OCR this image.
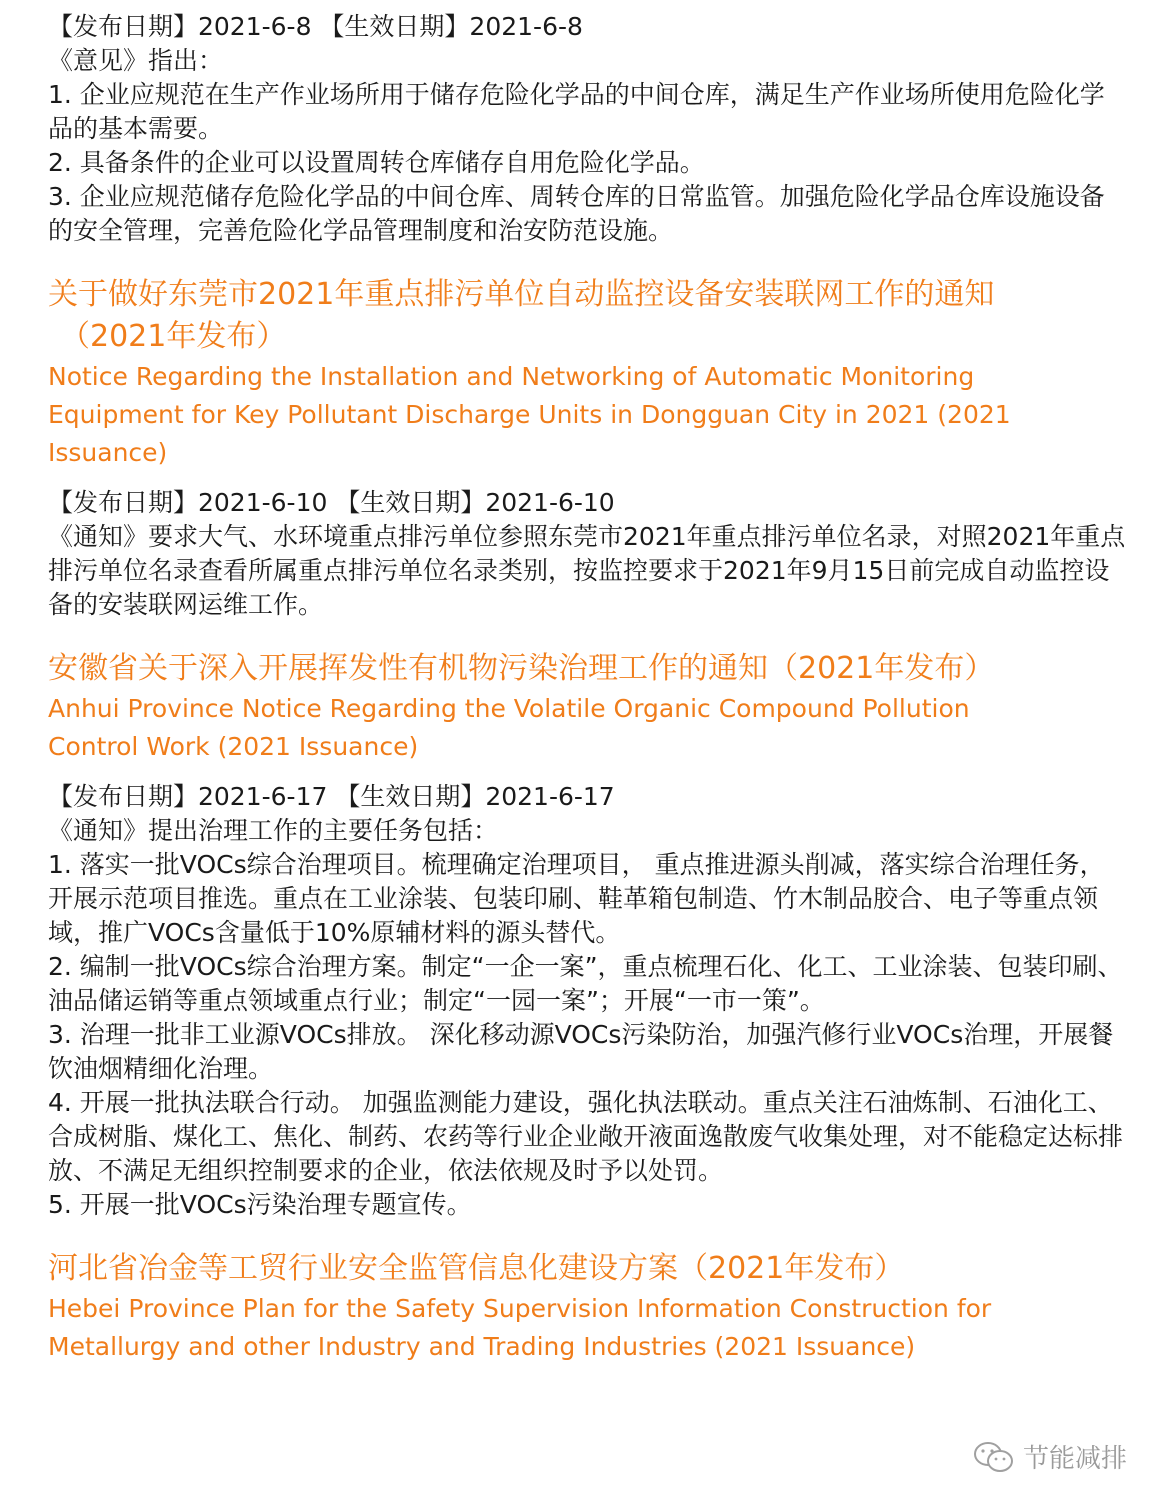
【发布日期】2021-6-8 【生效日期】2021-6-8

《意见》指出：

1. 企业应规范在生产作业场所用于储存危险化学品的中间仓库，满足生产作业场所使用危险化学品的基本需要。

2. 具备条件的企业可以设置周转仓库储存自用危险化学品。

3. 企业应规范储存危险化学品的中间仓库、周转仓库的日常监管。加强危险化学品仓库设施设备的安全管理，完善危险化学品管理制度和治安防范设施。

关于做好东莞市2021年重点排污单位自动监控设备安装联网工作的通知

（2021年发布）

Notice Regarding the Installation and Networking of Automatic Monitoring

Equipment for Key Pollutant Discharge Units in Dongguan City in 2021 (2021

Issuance)

【发布日期】2021-6-10 【生效日期】2021-6-10

《通知》要求大气、水环境重点排污单位参照东莞市2021年重点排污单位名录，对照2021年重点排污单位名录查看所属重点排污单位名录类别，按监控要求于2021年9月15日前完成自动监控设备的安装联网运维工作。

安徽省关于深入开展挥发性有机物污染治理工作的通知（2021年发布）

Anhui Province Notice Regarding the Volatile Organic Compound Pollution

Control Work (2021 Issuance)

【发布日期】2021-6-17 【生效日期】2021-6-17

《通知》提出治理工作的主要任务包括：

1. 落实一批VOCs综合治理项目。梳理确定治理项目， 重点推进源头削减，落实综合治理任务，开展示范项目推选。重点在工业涂装、包装印刷、鞋革箱包制造、竹木制品胶合、电子等重点领域，推广VOCs含量低于10%原辅材料的源头替代。

2. 编制一批VOCs综合治理方案。制定“一企一案”，重点梳理石化、化工、工业涂装、包装印刷、油品储运销等重点领域重点行业；制定“一园一案”；开展“一市一策”。

3. 治理一批非工业源VOCs排放。 深化移动源VOCs污染防治，加强汽修行业VOCs治理，开展餐饮油烟精细化治理。

4. 开展一批执法联合行动。 加强监测能力建设，强化执法联动。重点关注石油炼制、石油化工、合成树脂、煤化工、焦化、制药、农药等行业企业敞开液面逸散废气收集处理，对不能稳定达标排放、不满足无组织控制要求的企业，依法依规及时予以处罚。

5. 开展一批VOCs污染治理专题宣传。

河北省冶金等工贸行业安全监管信息化建设方案（2021年发布）

Hebei Province Plan for the Safety Supervision Information Construction for

Metallurgy and other Industry and Trading Industries (2021 Issuance)

节能减排
